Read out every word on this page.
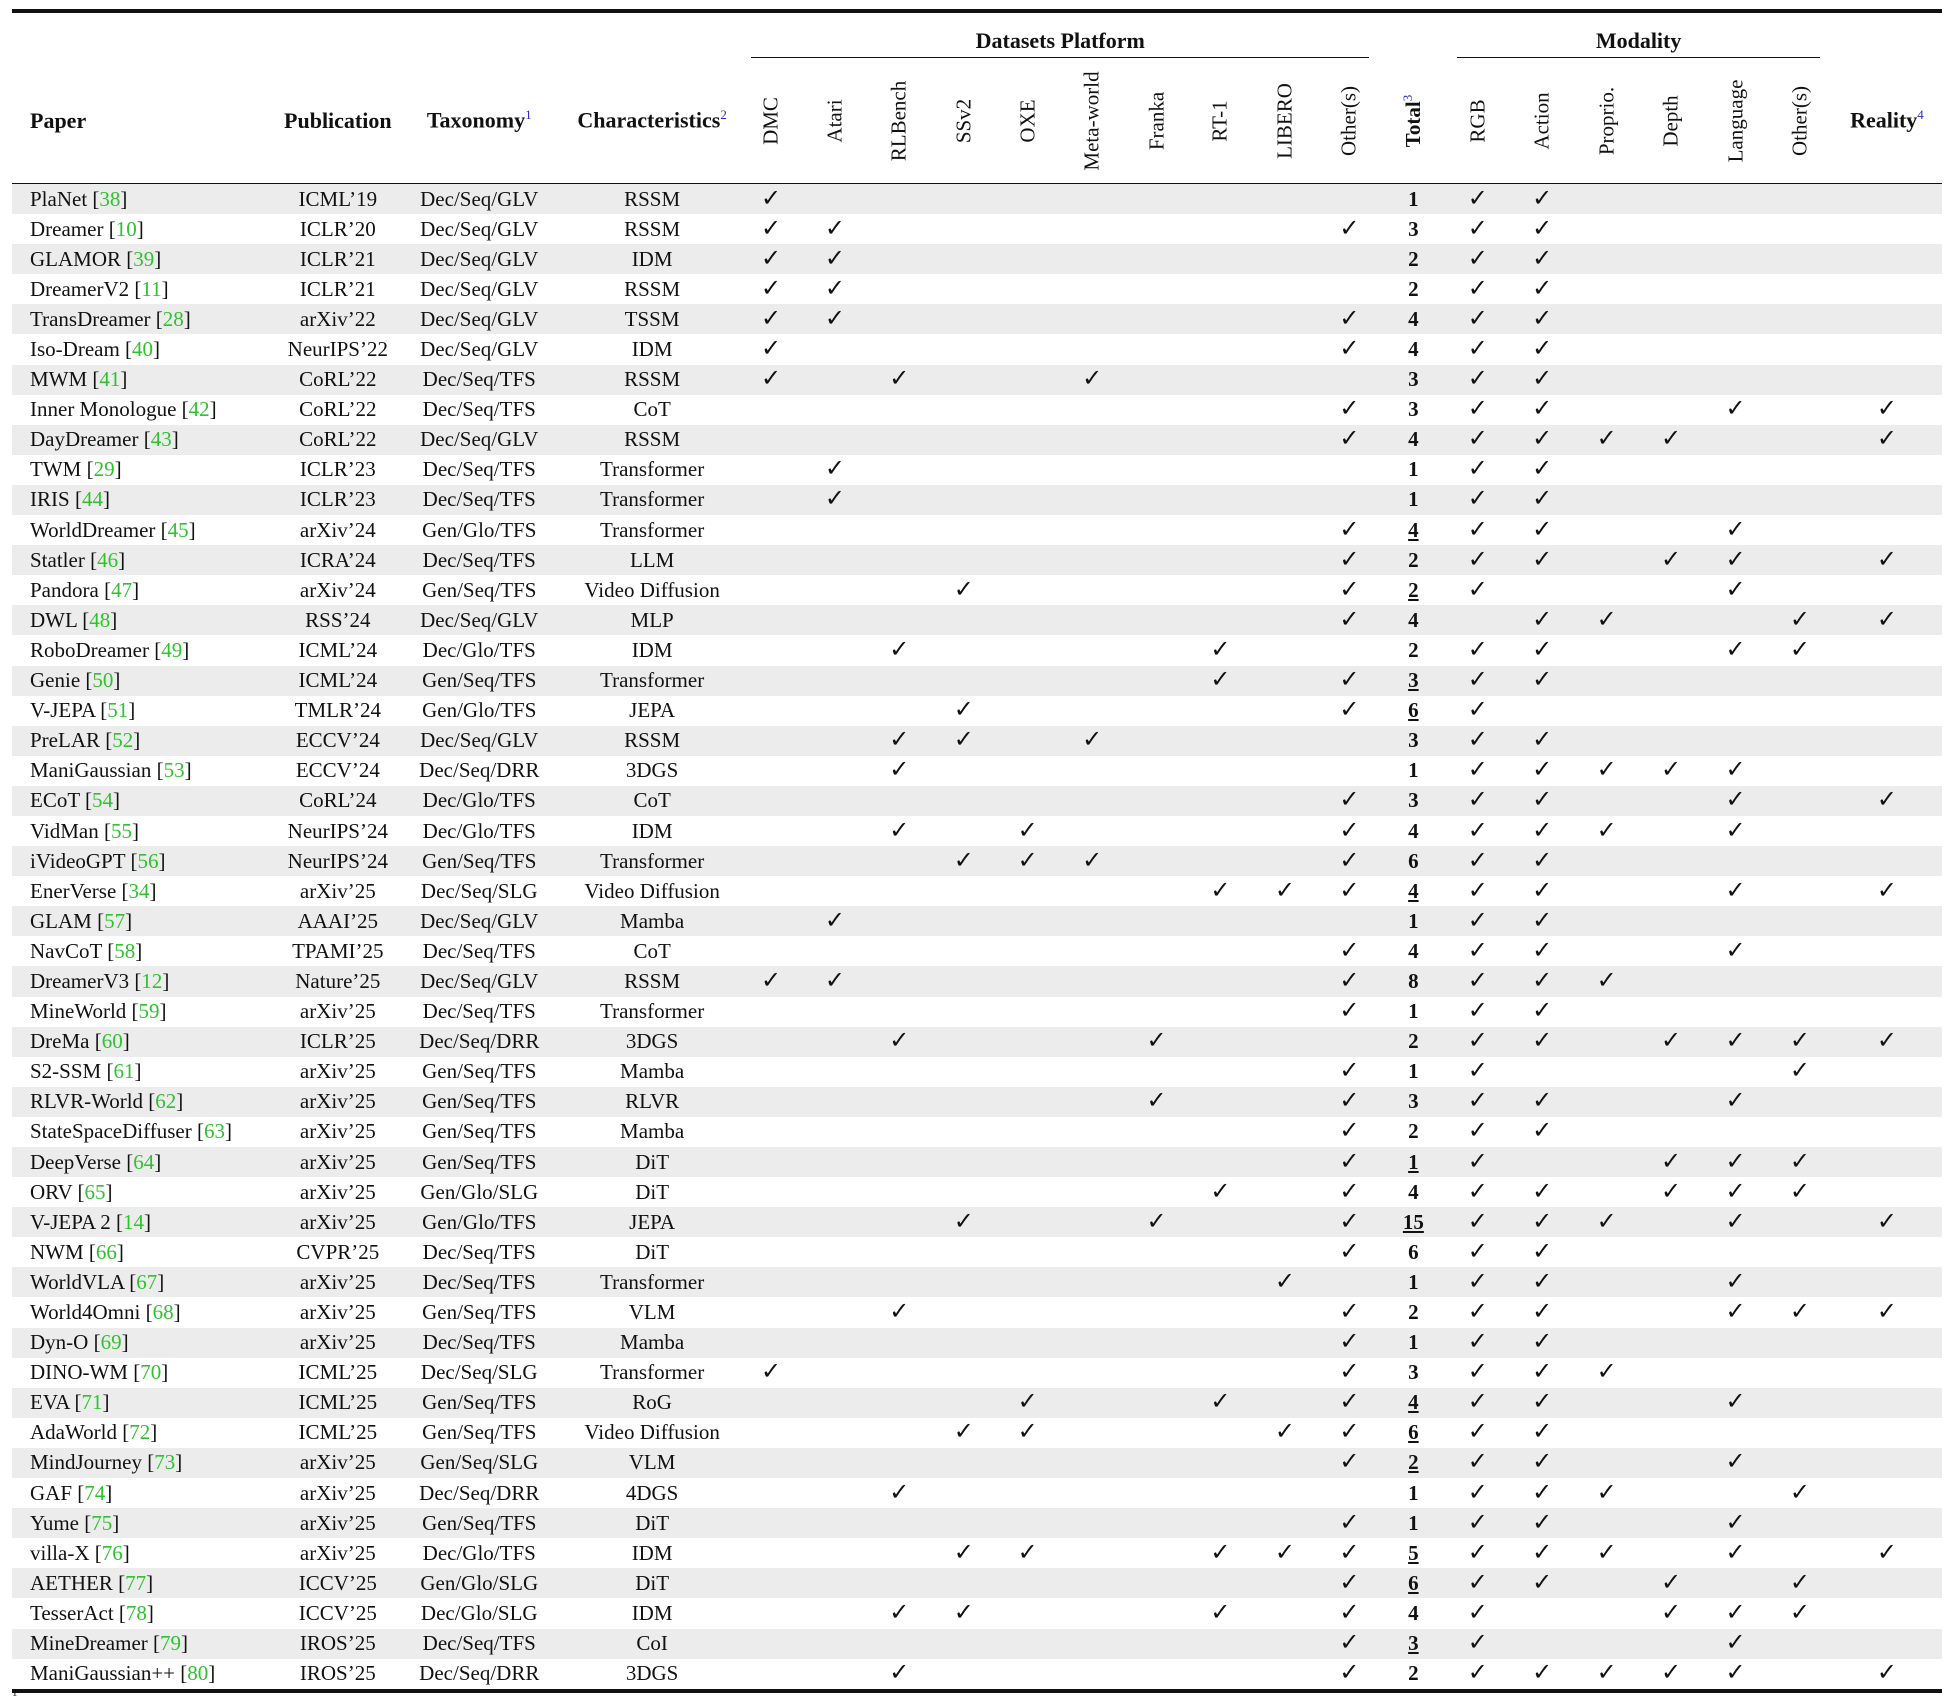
				Datasets Platform											Modality						
Paper	Publication	Taxonomy$^1$	Characteristics$^2$	DMC	Atari	RLBench	SSv2	OXE	Meta-world	Franka	RT-1	LIBERO	Other(s)	Total$^3$	RGB	Action	Proprio.	Depth	Language	Other(s)	Reality$^4$
PlaNet [38]	ICML’19	Dec/Seq/GLV	RSSM	✓										1	✓	✓					
Dreamer [10]	ICLR’20	Dec/Seq/GLV	RSSM	✓	✓								✓	3	✓	✓					
GLAMOR [39]	ICLR’21	Dec/Seq/GLV	IDM	✓	✓									2	✓	✓					
DreamerV2 [11]	ICLR’21	Dec/Seq/GLV	RSSM	✓	✓									2	✓	✓					
TransDreamer [28]	arXiv’22	Dec/Seq/GLV	TSSM	✓	✓								✓	4	✓	✓					
Iso-Dream [40]	NeurIPS’22	Dec/Seq/GLV	IDM	✓									✓	4	✓	✓					
MWM [41]	CoRL’22	Dec/Seq/TFS	RSSM	✓		✓			✓					3	✓	✓					
Inner Monologue [42]	CoRL’22	Dec/Seq/TFS	CoT										✓	3	✓	✓			✓		✓
DayDreamer [43]	CoRL’22	Dec/Seq/GLV	RSSM										✓	4	✓	✓	✓	✓			✓
TWM [29]	ICLR’23	Dec/Seq/TFS	Transformer		✓									1	✓	✓					
IRIS [44]	ICLR’23	Dec/Seq/TFS	Transformer		✓									1	✓	✓					
WorldDreamer [45]	arXiv’24	Gen/Glo/TFS	Transformer										✓	4	✓	✓			✓		
Statler [46]	ICRA’24	Dec/Seq/TFS	LLM										✓	2	✓	✓		✓	✓		✓
Pandora [47]	arXiv’24	Gen/Seq/TFS	Video Diffusion				✓						✓	2	✓				✓		
DWL [48]	RSS’24	Dec/Seq/GLV	MLP										✓	4		✓	✓			✓	✓
RoboDreamer [49]	ICML’24	Dec/Glo/TFS	IDM			✓					✓			2	✓	✓			✓	✓	
Genie [50]	ICML’24	Gen/Seq/TFS	Transformer								✓		✓	3	✓	✓					
V-JEPA [51]	TMLR’24	Gen/Glo/TFS	JEPA				✓						✓	6	✓						
PreLAR [52]	ECCV’24	Dec/Seq/GLV	RSSM			✓	✓		✓					3	✓	✓					
ManiGaussian [53]	ECCV’24	Dec/Seq/DRR	3DGS			✓								1	✓	✓	✓	✓	✓		
ECoT [54]	CoRL’24	Dec/Glo/TFS	CoT										✓	3	✓	✓			✓		✓
VidMan [55]	NeurIPS’24	Dec/Glo/TFS	IDM			✓		✓					✓	4	✓	✓	✓		✓		
iVideoGPT [56]	NeurIPS’24	Gen/Seq/TFS	Transformer				✓	✓	✓				✓	6	✓	✓					
EnerVerse [34]	arXiv’25	Dec/Seq/SLG	Video Diffusion								✓	✓	✓	4	✓	✓			✓		✓
GLAM [57]	AAAI’25	Dec/Seq/GLV	Mamba		✓									1	✓	✓					
NavCoT [58]	TPAMI’25	Dec/Seq/TFS	CoT										✓	4	✓	✓			✓		
DreamerV3 [12]	Nature’25	Dec/Seq/GLV	RSSM	✓	✓								✓	8	✓	✓	✓				
MineWorld [59]	arXiv’25	Dec/Seq/TFS	Transformer										✓	1	✓	✓					
DreMa [60]	ICLR’25	Dec/Seq/DRR	3DGS			✓				✓				2	✓	✓		✓	✓	✓	✓
S2-SSM [61]	arXiv’25	Gen/Seq/TFS	Mamba										✓	1	✓					✓	
RLVR-World [62]	arXiv’25	Gen/Seq/TFS	RLVR							✓			✓	3	✓	✓			✓		
StateSpaceDiffuser [63]	arXiv’25	Gen/Seq/TFS	Mamba										✓	2	✓	✓					
DeepVerse [64]	arXiv’25	Gen/Seq/TFS	DiT										✓	1	✓			✓	✓	✓	
ORV [65]	arXiv’25	Gen/Glo/SLG	DiT								✓		✓	4	✓	✓		✓	✓	✓	
V-JEPA 2 [14]	arXiv’25	Gen/Glo/TFS	JEPA				✓			✓			✓	15	✓	✓	✓		✓		✓
NWM [66]	CVPR’25	Dec/Seq/TFS	DiT										✓	6	✓	✓					
WorldVLA [67]	arXiv’25	Dec/Seq/TFS	Transformer									✓		1	✓	✓			✓		
World4Omni [68]	arXiv’25	Gen/Seq/TFS	VLM			✓							✓	2	✓	✓			✓	✓	✓
Dyn-O [69]	arXiv’25	Dec/Seq/TFS	Mamba										✓	1	✓	✓					
DINO-WM [70]	ICML’25	Dec/Seq/SLG	Transformer	✓									✓	3	✓	✓	✓				
EVA [71]	ICML’25	Gen/Seq/TFS	RoG					✓			✓		✓	4	✓	✓			✓		
AdaWorld [72]	ICML’25	Gen/Seq/TFS	Video Diffusion				✓	✓				✓	✓	6	✓	✓					
MindJourney [73]	arXiv’25	Gen/Seq/SLG	VLM										✓	2	✓	✓			✓		
GAF [74]	arXiv’25	Dec/Seq/DRR	4DGS			✓								1	✓	✓	✓			✓	
Yume [75]	arXiv’25	Gen/Seq/TFS	DiT										✓	1	✓	✓			✓		
villa-X [76]	arXiv’25	Dec/Glo/TFS	IDM				✓	✓			✓	✓	✓	5	✓	✓	✓		✓		✓
AETHER [77]	ICCV’25	Gen/Glo/SLG	DiT										✓	6	✓	✓		✓		✓	
TesserAct [78]	ICCV’25	Dec/Glo/SLG	IDM			✓	✓				✓		✓	4	✓			✓	✓	✓	
MineDreamer [79]	IROS’25	Dec/Seq/TFS	CoI										✓	3	✓				✓		
ManiGaussian++ [80]	IROS’25	Dec/Seq/DRR	3DGS			✓							✓	2	✓	✓	✓	✓	✓		✓
1
